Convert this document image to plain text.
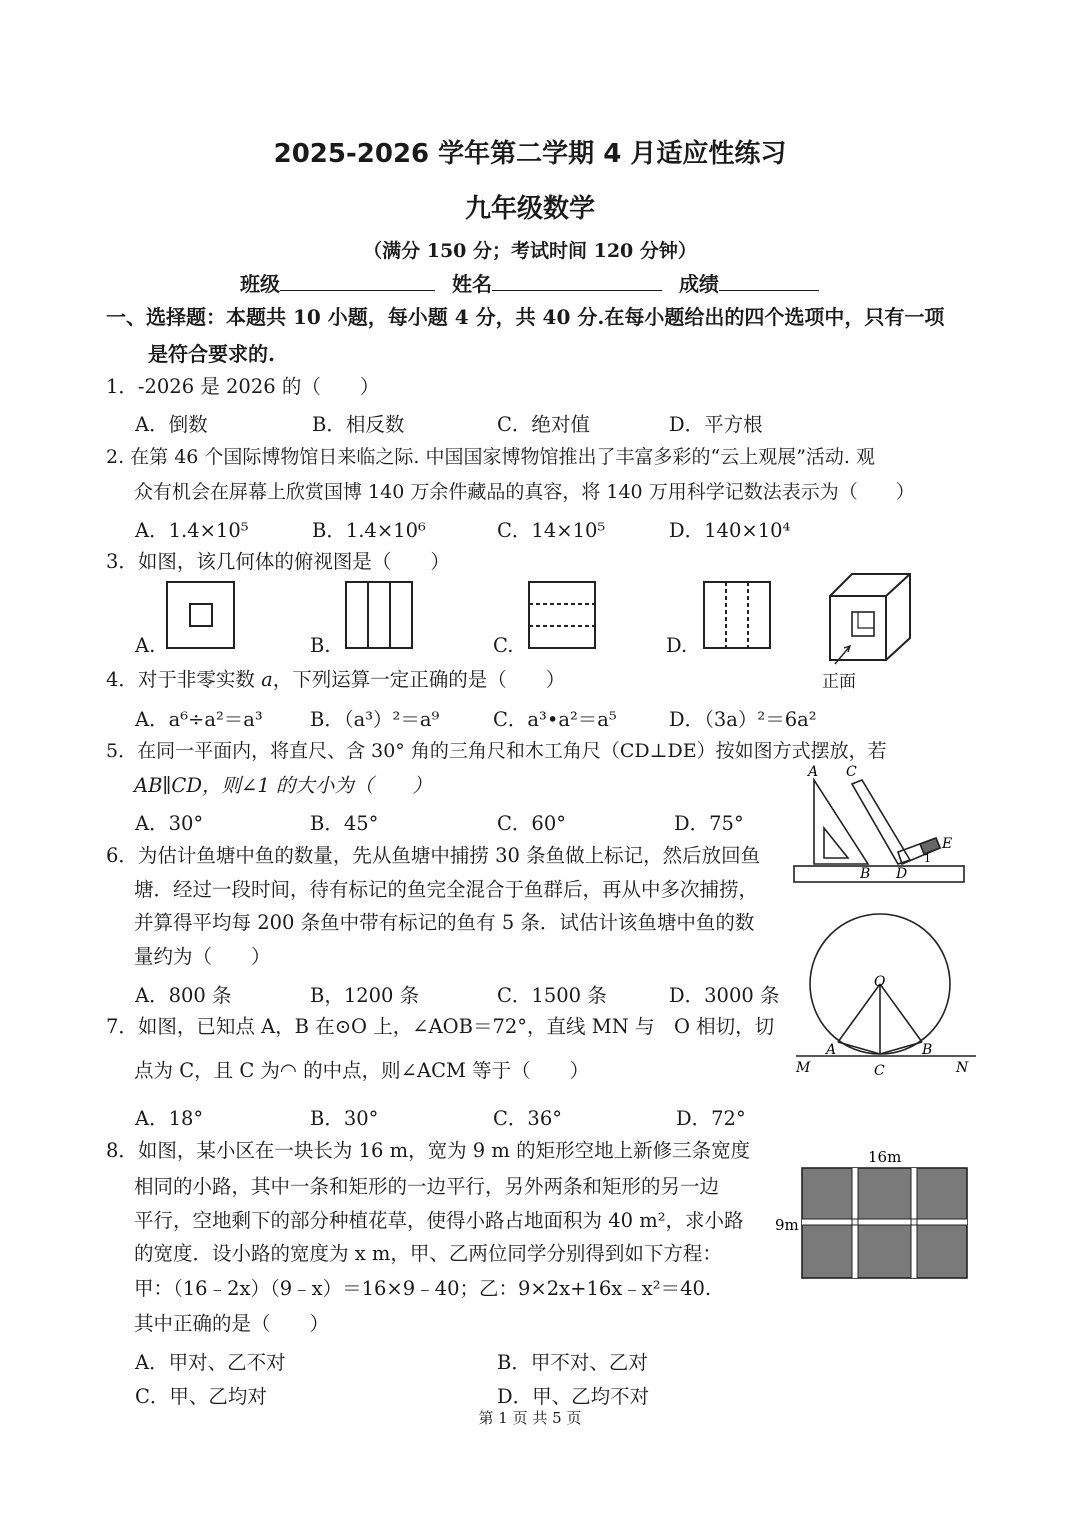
2025-2026 学年第二学期 4 月适应性练习
九年级数学
（满分 150 分；考试时间 120 分钟）
班级	姓名	成绩
一、选择题：本题共 10 小题，每小题 4 分，共 40 分.在每小题给出的四个选项中，只有一项
是符合要求的.
1．-2026 是 2026 的（　　）
A．倒数	B．相反数	C．绝对值	D．平方根
2. 在第 46 个国际博物馆日来临之际. 中国国家博物馆推出了丰富多彩的“云上观展”活动. 观
众有机会在屏幕上欣赏国博 140 万余件藏品的真容，将 140 万用科学记数法表示为（　　）
A．1.4×10⁵	B．1.4×10⁶	C．14×10⁵	D．140×10⁴
3．如图，该几何体的俯视图是（　　）
A.	B.	C.	D.
正面
4．对于非零实数 a，下列运算一定正确的是（　　）
A．a⁶÷a²＝a³ B．（a³）²＝a⁹	C．a³•a²＝a⁵	D．（3a）²＝6a²
5．在同一平面内，将直尺、含 30° 角的三角尺和木工角尺（CD⊥DE）按如图方式摆放，若
AB∥CD，则∠1 的大小为（　　）
A．30°	B．45°	C．60°	D．75°
A C
E
B D
1
6．为估计鱼塘中鱼的数量，先从鱼塘中捕捞 30 条鱼做上标记，然后放回鱼
塘．经过一段时间，待有标记的鱼完全混合于鱼群后，再从中多次捕捞，
并算得平均每 200 条鱼中带有标记的鱼有 5 条．试估计该鱼塘中鱼的数
量约为（　　）
A．800 条	B，1200 条	C．1500 条	D．3000 条
7．如图，已知点 A，B 在⊙O 上，∠AOB＝72°，直线 MN 与　O 相切，切
点为 C，且 C 为◠ 的中点，则∠ACM 等于（　　）
A．18°	B．30°	C．36°	D．72°
O
A	B
C
M	N
8．如图，某小区在一块长为 16 m，宽为 9 m 的矩形空地上新修三条宽度
相同的小路，其中一条和矩形的一边平行，另外两条和矩形的另一边
平行，空地剩下的部分种植花草，使得小路占地面积为 40 m²，求小路
的宽度．设小路的宽度为 x m，甲、乙两位同学分别得到如下方程：
甲：（16﹣2x）（9﹣x）＝16×9﹣40；乙：9×2x+16x﹣x²＝40.
其中正确的是（　　）
A．甲对、乙不对	B．甲不对、乙对
C．甲、乙均对	D．甲、乙均不对
16m
9m
第 1 页 共 5 页
